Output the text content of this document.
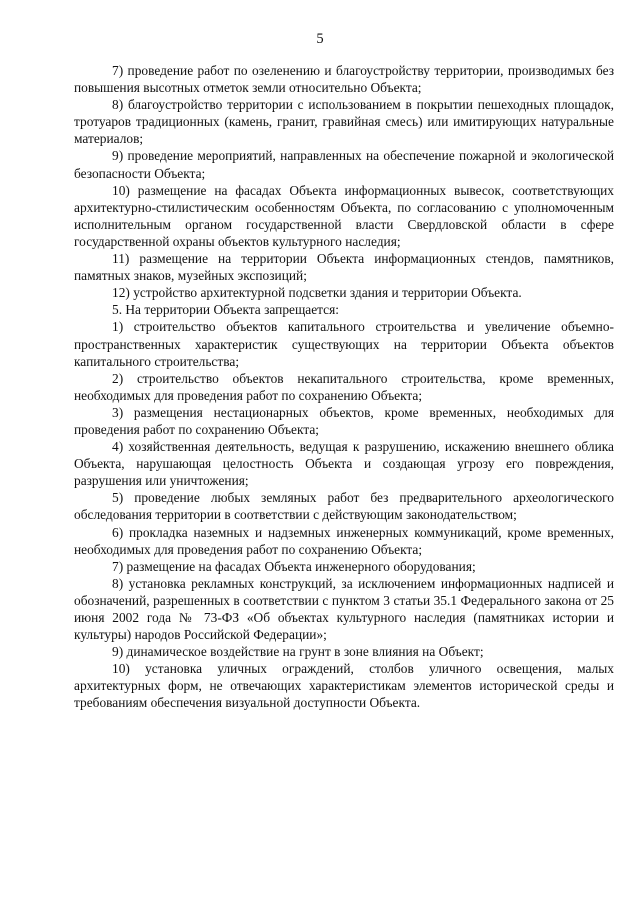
5

7) проведение работ по озеленению и благоустройству территории, производимых без повышения высотных отметок земли относительно Объекта;

8) благоустройство территории с использованием в покрытии пешеходных площадок, тротуаров традиционных (камень, гранит, гравийная смесь) или имитирующих натуральные материалов;

9) проведение мероприятий, направленных на обеспечение пожарной и экологической безопасности Объекта;

10) размещение на фасадах Объекта информационных вывесок, соответствующих архитектурно-стилистическим особенностям Объекта, по согласованию с уполномоченным исполнительным органом государственной власти Свердловской области в сфере государственной охраны объектов культурного наследия;

11) размещение на территории Объекта информационных стендов, памятников, памятных знаков, музейных экспозиций;

12) устройство архитектурной подсветки здания и территории Объекта.

5. На территории Объекта запрещается:

1) строительство объектов капитального строительства и увеличение объемно-пространственных характеристик существующих на территории Объекта объектов капитального строительства;

2) строительство объектов некапитального строительства, кроме временных, необходимых для проведения работ по сохранению Объекта;

3) размещения нестационарных объектов, кроме временных, необходимых для проведения работ по сохранению Объекта;

4) хозяйственная деятельность, ведущая к разрушению, искажению внешнего облика Объекта, нарушающая целостность Объекта и создающая угрозу его повреждения, разрушения или уничтожения;

5) проведение любых земляных работ без предварительного археологического обследования территории в соответствии с действующим законодательством;

6) прокладка наземных и надземных инженерных коммуникаций, кроме временных, необходимых для проведения работ по сохранению Объекта;

7) размещение на фасадах Объекта инженерного оборудования;

8) установка рекламных конструкций, за исключением информационных надписей и обозначений, разрешенных в соответствии с пунктом 3 статьи 35.1 Федерального закона от 25 июня 2002 года № 73-ФЗ «Об объектах культурного наследия (памятниках истории и культуры) народов Российской Федерации»;

9) динамическое воздействие на грунт в зоне влияния на Объект;

10) установка уличных ограждений, столбов уличного освещения, малых архитектурных форм, не отвечающих характеристикам элементов исторической среды и требованиям обеспечения визуальной доступности Объекта.
